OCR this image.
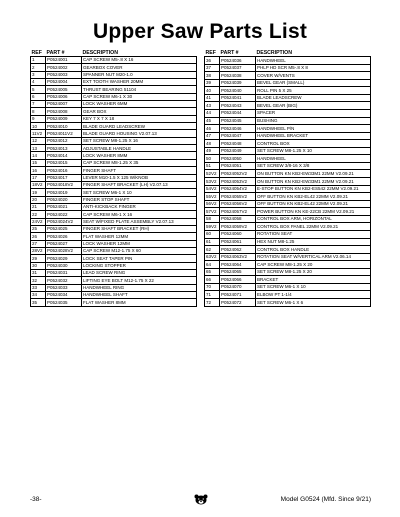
Upper Saw Parts List
REF	PART #	DESCRIPTION
1	P0524001	CAP SCREW M5-.8 X 16
2	P0524002	GEARBOX COVER
3	P0524003	SPANNER NUT M20-1.0
4	P0524004	EXT TOOTH WASHER 20MM
5	P0524005	THRUST BEARING 51104
6	P0524006	CAP SCREW M6-1 X 30
7	P0524007	LOCK WASHER 6MM
8	P0524008	GEAR BOX
9	P0524009	KEY 7 X 7 X 18
10	P0524010	BLADE GUARD LEADSCREW
11V2	P0524011V2	BLADE GUARD HOUSING V2.07.13
12	P0524012	SET SCREW M8-1.25 X 16
13	P0524013	ADJUSTABLE HANDLE
14	P0524014	LOCK WASHER 8MM
15	P0524015	CAP SCREW M8-1.25 X 35
16	P0524016	FINGER SHAFT
17	P0524017	LEVER M10-1.5 X 125 W/KNOB
18V2	P0524018V2	FINGER SHAFT BRACKET (LH) V2.07.13
19	P0524019	SET SCREW M6-1 X 10
20	P0524020	FINGER STOP SHAFT
21	P0524021	ANTI-KICKBACK FINGER
22	P0524022	CAP SCREW M6-1 X 16
24V2	P0524024V2	SEAT W/FIXED PLATE ASSEMBLY V2.07.13
25	P0524025	FINGER SHAFT BRACKET (RH)
26	P0524026	FLAT WASHER 12MM
27	P0524027	LOCK WASHER 12MM
28V2	P0524028V2	CAP SCREW M12-1.75 X 60
29	P0524029	LOCK SEAT TAPER PIN
30	P0524030	LOCKING STOPPER
31	P0524031	LEAD SCREW RING
32	P0524032	LIFTING EYE BOLT M12-1.75 X 22
33	P0524033	HANDWHEEL RING
34	P0524034	HANDWHEEL SHAFT
35	P0524035	FLAT WASHER 8MM
REF	PART #	DESCRIPTION
36	P0524036	HANDWHEEL
37	P0524037	PHLP HD SCR M5-.8 X 8
38	P0524038	COVER W/VENTS
39	P0524039	BEVEL GEAR (SMALL)
40	P0524040	ROLL PIN 5 X 25
41	P0524041	BLADE LEADSCREW
43	P0524043	BEVEL GEAR (BIG)
44	P0524044	SPACER
45	P0524045	BUSHING
46	P0524046	HANDWHEEL P/N
47	P0524047	HANDWHEEL BRACKET
48	P0524048	CONTROL BOX
49	P0524049	SET SCREW M8-1.25 X 10
50	P0524050	HANDWHEEL
51	P0524051	SET SCREW 3/8-16 X 3/8
52V2	P0524052V2	ON BUTTON KN KB2-EW33M1 22MM V2.09.21
53V2	P0524053V2	ON BUTTON KN KB2-EW33M1 22MM V2.09.21
54V2	P0524054V2	E-STOP BUTTON KN KB2-ES542 22MM V2.09.21
55V2	P0524055V2	OFF BUTTON KN KB2-EL42 22MM V2.09.21
56V2	P0524056V2	OFF BUTTON KN KB2-EL42 22MM V2.09.21
57V2	P0524057V2	POWER BUTTON KN KE-22CB 22MM V2.09.21
58	P0524058	CONTROL BOX ARM, HORIZONTAL
59V2	P0524059V2	CONTROL BOX PANEL 22MM V2.09.21
60	P0524060	ROTATION SEAT
61	P0524061	HEX NUT M8-1.25
62	P0524062	CONTROL BOX HANDLE
63V2	P0524063V2	ROTATION SEAT W/VERTICAL ARM V2.06.14
64	P0524064	CAP SCREW M8-1.25 X 20
65	P0524065	SET SCREW M8-1.25 X 20
66	P0524066	BRACKET
70	P0524070	SET SCREW M6-1 X 10
71	P0524071	ELBOW PT 1-1/4
72	P0524072	SET SCREW M6-1 X 6
-38-	Model G0524 (Mfd. Since 9/21)
